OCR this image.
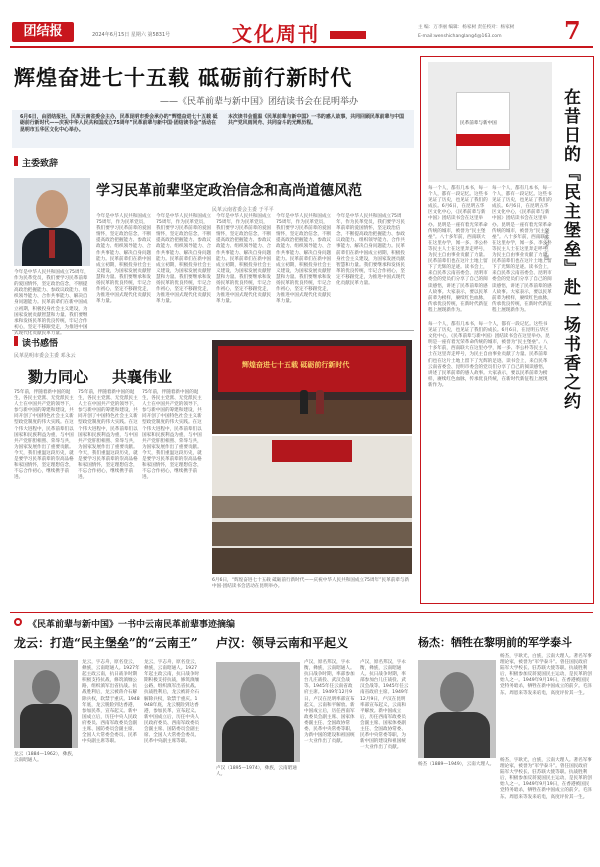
团结报	2024年6月15日 星期六 第5831号	文化周刊	主 编：万李丽 编辑：杨家树 责任校对：杨家树
E-mail:wenshichanglang4@163.com	7
辉煌奋进七十五载 砥砺前行新时代
——《民革前辈与新中国》团结读书会在昆明举办
6月6日，由团结报社、民革云南省委会主办，民革昆明市委会承办的“辉煌奋进七十五载 砥砺前行新时代——庆祝中华人民共和国成立75周年”民革前辈与新中国·团结读书会”活动在昆明市五华区文化中心举办。
本次读书会重温《民革前辈与新中国》一书的感人故事，共同回顾民革前辈与中国共产党风雨同舟、共同奋斗的光辉历程。
主委致辞
学习民革前辈坚定政治信念和高尚道德风范
民革云南省委会主委 于平平
今年是中华人民共和国成立75周年，作为民革党员，我们要学习民革前辈的爱国情怀，坚定政治信念，不断提高政治把握能力、参政议政能力、组织领导能力、合作共事能力、解决自身问题能力。民革前辈们在新中国成立初期，积极投身社会主义建设，为国家发展贡献智慧和力量。我们要继承和发扬民革的优良传统，牢记合作初心，坚定不移跟党走，为推进中国式现代化贡献民革力量。
今年是中华人民共和国成立75周年，作为民革党员，我们要学习民革前辈的爱国情怀，坚定政治信念，不断提高政治把握能力、参政议政能力、组织领导能力、合作共事能力、解决自身问题能力。民革前辈们在新中国成立初期，积极投身社会主义建设，为国家发展贡献智慧和力量。我们要继承和发扬民革的优良传统，牢记合作初心，坚定不移跟党走，为推进中国式现代化贡献民革力量。
今年是中华人民共和国成立75周年，作为民革党员，我们要学习民革前辈的爱国情怀，坚定政治信念，不断提高政治把握能力、参政议政能力、组织领导能力、合作共事能力、解决自身问题能力。民革前辈们在新中国成立初期，积极投身社会主义建设，为国家发展贡献智慧和力量。我们要继承和发扬民革的优良传统，牢记合作初心，坚定不移跟党走，为推进中国式现代化贡献民革力量。
今年是中华人民共和国成立75周年，作为民革党员，我们要学习民革前辈的爱国情怀，坚定政治信念，不断提高政治把握能力、参政议政能力、组织领导能力、合作共事能力、解决自身问题能力。民革前辈们在新中国成立初期，积极投身社会主义建设，为国家发展贡献智慧和力量。我们要继承和发扬民革的优良传统，牢记合作初心，坚定不移跟党走，为推进中国式现代化贡献民革力量。
今年是中华人民共和国成立75周年，作为民革党员，我们要学习民革前辈的爱国情怀，坚定政治信念，不断提高政治把握能力、参政议政能力、组织领导能力、合作共事能力、解决自身问题能力。民革前辈们在新中国成立初期，积极投身社会主义建设，为国家发展贡献智慧和力量。我们要继承和发扬民革的优良传统，牢记合作初心，坚定不移跟党走，为推进中国式现代化贡献民革力量。
今年是中华人民共和国成立75周年，作为民革党员，我们要学习民革前辈的爱国情怀，坚定政治信念，不断提高政治把握能力、参政议政能力、组织领导能力、合作共事能力、解决自身问题能力。民革前辈们在新中国成立初期，积极投身社会主义建设，为国家发展贡献智慧和力量。我们要继承和发扬民革的优良传统，牢记合作初心，坚定不移跟党走，为推进中国式现代化贡献民革力量。
读书感悟
民革昆明市委会主委 邓永云
勠力同心 共襄伟业
75年前，伴随着新中国的诞生，各民主党派、无党派民主人士在中国共产党的领导下，参与新中国的筹建和建设，共同开创了中国特色社会主义新型政党制度的伟大实践。在这个伟大进程中，民革前辈们以国家和民族利益为重，与中国共产党肝胆相照、荣辱与共，为国家发展作出了重要贡献。今天，我们重温这段历史，就是要学习民革前辈的崇高品格和家国情怀，坚定理想信念，不忘合作初心，继续携手前进。
75年前，伴随着新中国的诞生，各民主党派、无党派民主人士在中国共产党的领导下，参与新中国的筹建和建设，共同开创了中国特色社会主义新型政党制度的伟大实践。在这个伟大进程中，民革前辈们以国家和民族利益为重，与中国共产党肝胆相照、荣辱与共，为国家发展作出了重要贡献。今天，我们重温这段历史，就是要学习民革前辈的崇高品格和家国情怀，坚定理想信念，不忘合作初心，继续携手前进。
75年前，伴随着新中国的诞生，各民主党派、无党派民主人士在中国共产党的领导下，参与新中国的筹建和建设，共同开创了中国特色社会主义新型政党制度的伟大实践。在这个伟大进程中，民革前辈们以国家和民族利益为重，与中国共产党肝胆相照、荣辱与共，为国家发展作出了重要贡献。今天，我们重温这段历史，就是要学习民革前辈的崇高品格和家国情怀，坚定理想信念，不忘合作初心，继续携手前进。
辉煌奋进七十五载 砥砺前行新时代
6月6日，“辉煌奋进七十五载 砥砺前行新时代——庆祝中华人民共和国成立75周年”民革前辈与新中国·团结读书会活动在昆明举办。
民革前辈与新中国	在昔日的『民主堡垒』赴一场书香之约
本报记者 王偲
每一个人，都有几本书，每一个人，都有一段记忆。这些书见证了历史，也见证了我们的成长。6月6日，在昆明五华区文化中心，《民革前辈与新中国》团结读书会在这里举办。昆明是一座有着光荣革命传统的城市，被誉为“民主堡垒”。八十多年前，西南联大在这里办学，闻一多、李公朴等民主人士在这里奔走呼号，为民主自由事业贡献了力量。民革前辈们也在这片土地上留下了光辉的足迹。读书会上，来自民革云南省委会、昆明市委会的党员们分享了自己的阅读感悟，讲述了民革前辈的感人故事。大家表示，要以民革前辈为榜样，赓续红色血脉，传承优良传统，在新时代新征程上展现新作为。
每一个人，都有几本书，每一个人，都有一段记忆。这些书见证了历史，也见证了我们的成长。6月6日，在昆明五华区文化中心，《民革前辈与新中国》团结读书会在这里举办。昆明是一座有着光荣革命传统的城市，被誉为“民主堡垒”。八十多年前，西南联大在这里办学，闻一多、李公朴等民主人士在这里奔走呼号，为民主自由事业贡献了力量。民革前辈们也在这片土地上留下了光辉的足迹。读书会上，来自民革云南省委会、昆明市委会的党员们分享了自己的阅读感悟，讲述了民革前辈的感人故事。大家表示，要以民革前辈为榜样，赓续红色血脉，传承优良传统，在新时代新征程上展现新作为。
每一个人，都有几本书，每一个人，都有一段记忆。这些书见证了历史，也见证了我们的成长。6月6日，在昆明五华区文化中心，《民革前辈与新中国》团结读书会在这里举办。昆明是一座有着光荣革命传统的城市，被誉为“民主堡垒”。八十多年前，西南联大在这里办学，闻一多、李公朴等民主人士在这里奔走呼号，为民主自由事业贡献了力量。民革前辈们也在这片土地上留下了光辉的足迹。读书会上，来自民革云南省委会、昆明市委会的党员们分享了自己的阅读感悟，讲述了民革前辈的感人故事。大家表示，要以民革前辈为榜样，赓续红色血脉，传承优良传统，在新时代新征程上展现新作为。
《民革前辈与新中国》一书中云南民革前辈事迹摘编
龙云：打造“民主堡垒”的“云南王”
龙云（1884—1962），彝族，云南昭通人。
龙云，字志舟，原名登云，彝族，云南昭通人。1927年起主政云南，抗日战争时期积极支持抗战，修筑滇缅公路，组织滇军出省抗战。抗战胜利后，龙云被蒋介石解除兵权，软禁于重庆。1948年底，龙云脱险到达香港，参加民革，宣布起义。新中国成立后，历任中央人民政府委员、西南军政委员会副主席、国防委员会副主席、全国人大常委会委员、民革中央副主席等职。
龙云，字志舟，原名登云，彝族，云南昭通人。1927年起主政云南，抗日战争时期积极支持抗战，修筑滇缅公路，组织滇军出省抗战。抗战胜利后，龙云被蒋介石解除兵权，软禁于重庆。1948年底，龙云脱险到达香港，参加民革，宣布起义。新中国成立后，历任中央人民政府委员、西南军政委员会副主席、国防委员会副主席、全国人大常委会委员、民革中央副主席等职。
卢汉：领导云南和平起义
卢汉（1895—1974），彝族，云南昭通人。
卢汉，原名邦汉，字永衡，彝族，云南昭通人。抗日战争时期，率部参加台儿庄战役、武汉会战等。1945年任云南省政府主席。1949年12月9日，卢汉在昆明率部宣布起义，云南和平解放。新中国成立后，历任西南军政委员会副主席、国家体委副主任、全国政协常委、民革中央常委等职，为新中国的建设和祖国统一大业作出了贡献。
卢汉，原名邦汉，字永衡，彝族，云南昭通人。抗日战争时期，率部参加台儿庄战役、武汉会战等。1945年任云南省政府主席。1949年12月9日，卢汉在昆明率部宣布起义，云南和平解放。新中国成立后，历任西南军政委员会副主席、国家体委副主任、全国政协常委、民革中央常委等职，为新中国的建设和祖国统一大业作出了贡献。
杨杰：牺牲在黎明前的军学泰斗
杨杰，字耿光，白族，云南大理人。著名军事理论家，被誉为“军学泰斗”。曾任国民政府陆军大学校长、驻苏联大使等职。抗战胜利后，积极参加反蒋爱国民主运动，是民革的创始人之一。1949年9月19日，在香港被国民党特务暗杀，牺牲在新中国成立的前夕。毛泽东、周恩来等发来唁电，高度评价其一生。
杨杰（1889—1949），云南大理人。
杨杰，字耿光，白族，云南大理人。著名军事理论家，被誉为“军学泰斗”。曾任国民政府陆军大学校长、驻苏联大使等职。抗战胜利后，积极参加反蒋爱国民主运动，是民革的创始人之一。1949年9月19日，在香港被国民党特务暗杀，牺牲在新中国成立的前夕。毛泽东、周恩来等发来唁电，高度评价其一生。
